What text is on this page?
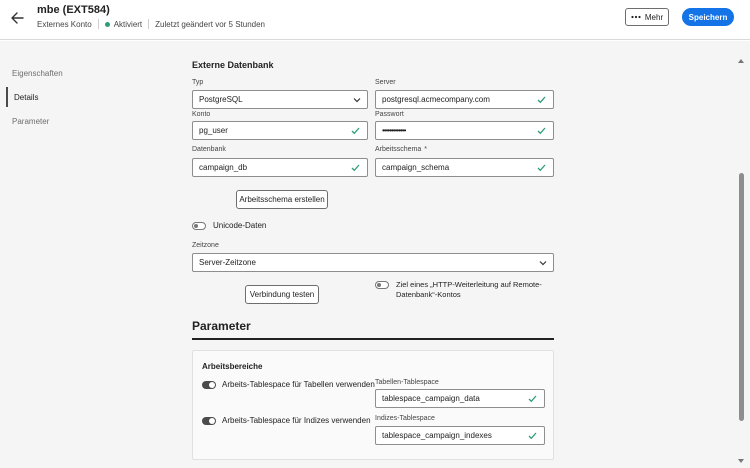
mbe (EXT584)
Externes Konto	Aktiviert Zuletzt geändert vor 5 Stunden
Mehr	Speichern
Eigenschaften
Details
Parameter
Externe Datenbank
Typ
PostgreSQL
Server
postgresql.acmecompany.com
Konto
pg_user
Passwort
•••••••••••••
Datenbank
campaign_db
Arbeitsschema *
campaign_schema
Arbeitsschema erstellen
Unicode-Daten
Zeitzone
Server-Zeitzone
Verbindung testen
Ziel eines „HTTP-Weiterleitung auf Remote-
Datenbank“-Kontos
Parameter
Arbeitsbereiche
Arbeits-Tablespace für Tabellen verwenden Tabellen-Tablespace
tablespace_campaign_data
Arbeits-Tablespace für Indizes verwenden Indizes-Tablespace
tablespace_campaign_indexes
